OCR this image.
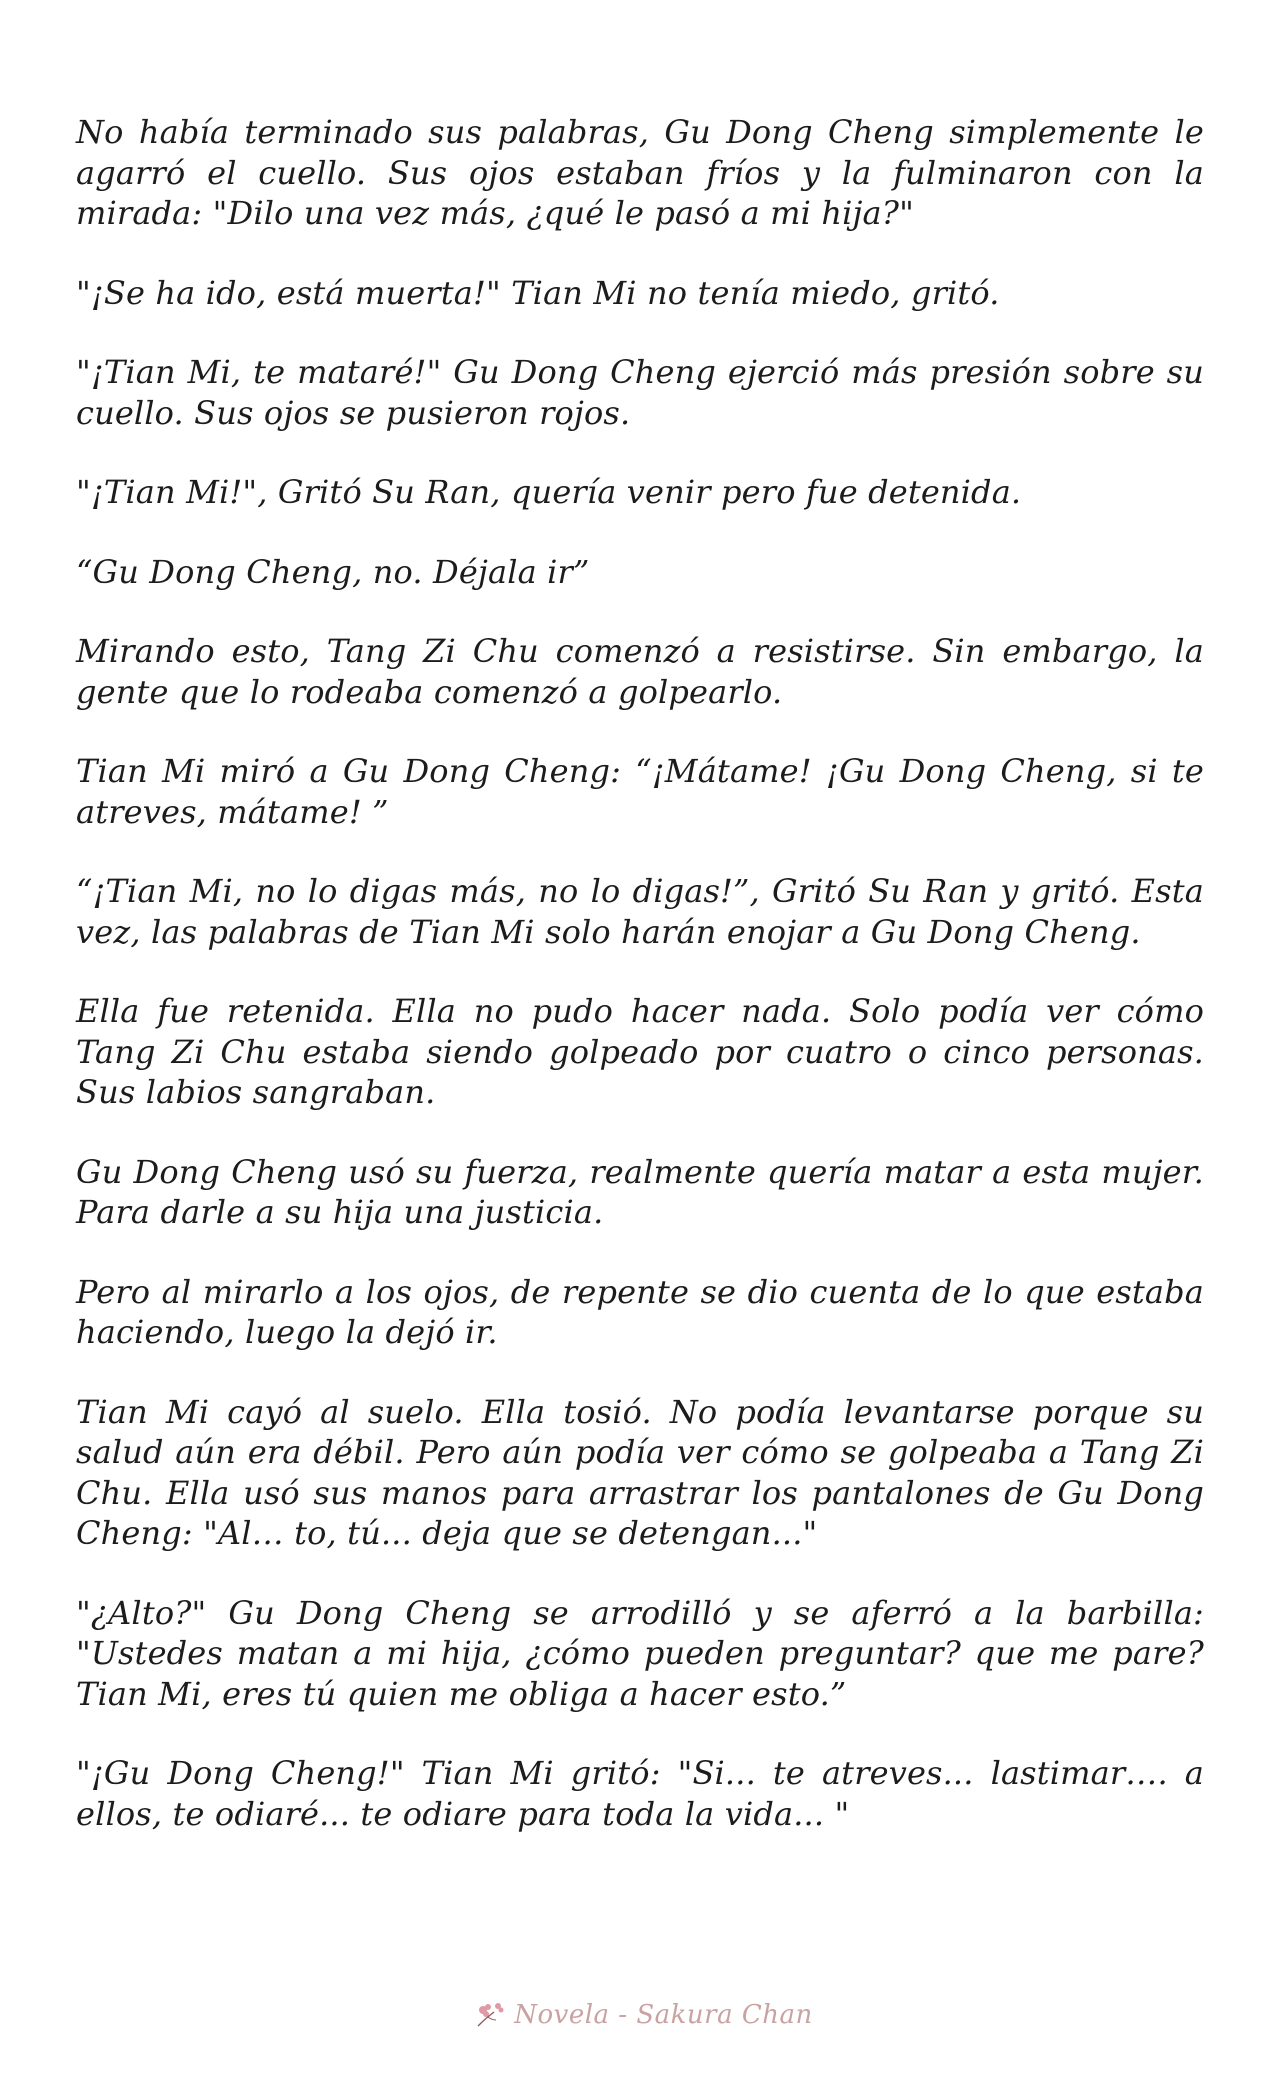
No había terminado sus palabras, Gu Dong Cheng simplemente le agarró el cuello. Sus ojos estaban fríos y la fulminaron con la mirada: "Dilo una vez más, ¿qué le pasó a mi hija?"

"¡Se ha ido, está muerta!" Tian Mi no tenía miedo, gritó.

"¡Tian Mi, te mataré!" Gu Dong Cheng ejerció más presión sobre su cuello. Sus ojos se pusieron rojos.

"¡Tian Mi!", Gritó Su Ran, quería venir pero fue detenida.

“Gu Dong Cheng, no. Déjala ir”

Mirando esto, Tang Zi Chu comenzó a resistirse. Sin embargo, la gente que lo rodeaba comenzó a golpearlo.

Tian Mi miró a Gu Dong Cheng: “¡Mátame! ¡Gu Dong Cheng, si te atreves, mátame! ”

“¡Tian Mi, no lo digas más, no lo digas!”, Gritó Su Ran y gritó. Esta vez, las palabras de Tian Mi solo harán enojar a Gu Dong Cheng.

Ella fue retenida. Ella no pudo hacer nada. Solo podía ver cómo Tang Zi Chu estaba siendo golpeado por cuatro o cinco personas. Sus labios sangraban.

Gu Dong Cheng usó su fuerza, realmente quería matar a esta mujer. Para darle a su hija una justicia.

Pero al mirarlo a los ojos, de repente se dio cuenta de lo que estaba haciendo, luego la dejó ir.

Tian Mi cayó al suelo. Ella tosió. No podía levantarse porque su salud aún era débil. Pero aún podía ver cómo se golpeaba a Tang Zi Chu. Ella usó sus manos para arrastrar los pantalones de Gu Dong Cheng: "Al… to, tú... deja que se detengan..."

"¿Alto?" Gu Dong Cheng se arrodilló y se aferró a la barbilla: "Ustedes matan a mi hija, ¿cómo pueden preguntar? que me pare? Tian Mi, eres tú quien me obliga a hacer esto.”

"¡Gu Dong Cheng!" Tian Mi gritó: "Si... te atreves... lastimar…. a ellos, te odiaré... te odiare para toda la vida... "

Novela - Sakura Chan
